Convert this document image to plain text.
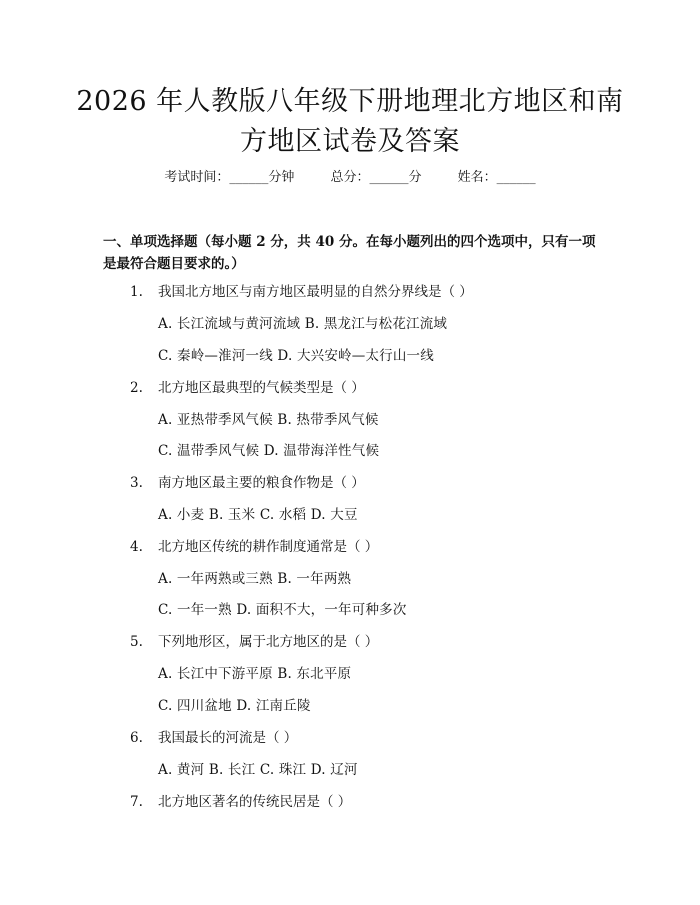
2026 年人教版八年级下册地理北方地区和南
方地区试卷及答案
考试时间：______分钟	总分：______分	姓名：______
一、单项选择题（每小题 2 分，共 40 分。在每小题列出的四个选项中，只有一项是最符合题目要求的。）
1. 我国北方地区与南方地区最明显的自然分界线是（ ）
A. 长江流域与黄河流域 B. 黑龙江与松花江流域
C. 秦岭—淮河一线 D. 大兴安岭—太行山一线
2. 北方地区最典型的气候类型是（ ）
A. 亚热带季风气候 B. 热带季风气候
C. 温带季风气候 D. 温带海洋性气候
3. 南方地区最主要的粮食作物是（ ）
A. 小麦 B. 玉米 C. 水稻 D. 大豆
4. 北方地区传统的耕作制度通常是（ ）
A. 一年两熟或三熟 B. 一年两熟
C. 一年一熟 D. 面积不大，一年可种多次
5. 下列地形区，属于北方地区的是（ ）
A. 长江中下游平原 B. 东北平原
C. 四川盆地 D. 江南丘陵
6. 我国最长的河流是（ ）
A. 黄河 B. 长江 C. 珠江 D. 辽河
7. 北方地区著名的传统民居是（ ）
